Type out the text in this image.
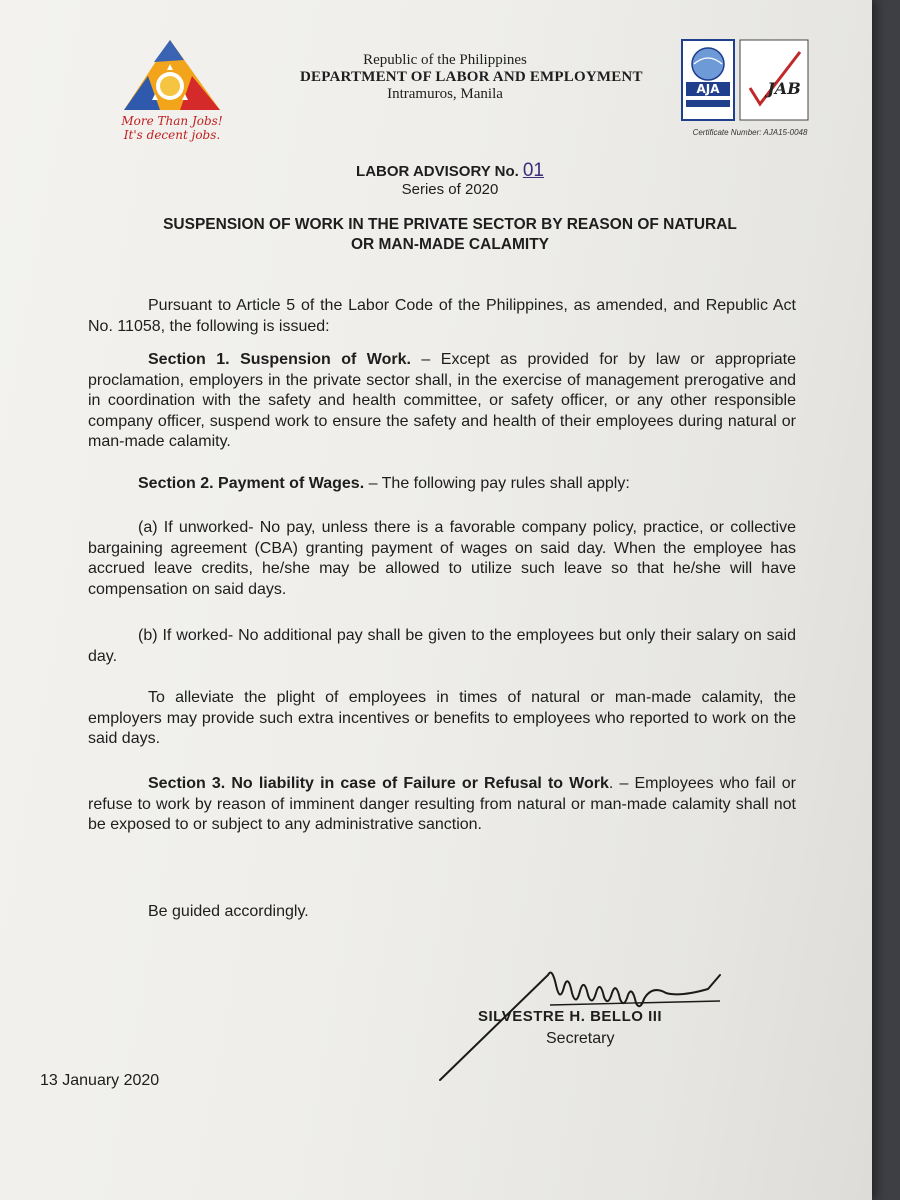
More Than Jobs!
It's decent jobs.
Republic of the Philippines
DEPARTMENT OF LABOR AND EMPLOYMENT
Intramuros, Manila	AJA	JAB
Certificate Number: AJA15-0048
LABOR ADVISORY No. 01
Series of 2020
SUSPENSION OF WORK IN THE PRIVATE SECTOR BY REASON OF NATURAL
OR MAN-MADE CALAMITY
Pursuant to Article 5 of the Labor Code of the Philippines, as amended, and Republic Act No. 11058, the following is issued:
Section 1. Suspension of Work. – Except as provided for by law or appropriate proclamation, employers in the private sector shall, in the exercise of management prerogative and in coordination with the safety and health committee, or safety officer, or any other responsible company officer, suspend work to ensure the safety and health of their employees during natural or man-made calamity.
Section 2. Payment of Wages. – The following pay rules shall apply:
(a) If unworked- No pay, unless there is a favorable company policy, practice, or collective bargaining agreement (CBA) granting payment of wages on said day. When the employee has accrued leave credits, he/she may be allowed to utilize such leave so that he/she will have compensation on said days.
(b) If worked- No additional pay shall be given to the employees but only their salary on said day.
To alleviate the plight of employees in times of natural or man-made calamity, the employers may provide such extra incentives or benefits to employees who reported to work on the said days.
Section 3. No liability in case of Failure or Refusal to Work. – Employees who fail or refuse to work by reason of imminent danger resulting from natural or man-made calamity shall not be exposed to or subject to any administrative sanction.
Be guided accordingly.
SILVESTRE H. BELLO III
Secretary
13 January 2020
